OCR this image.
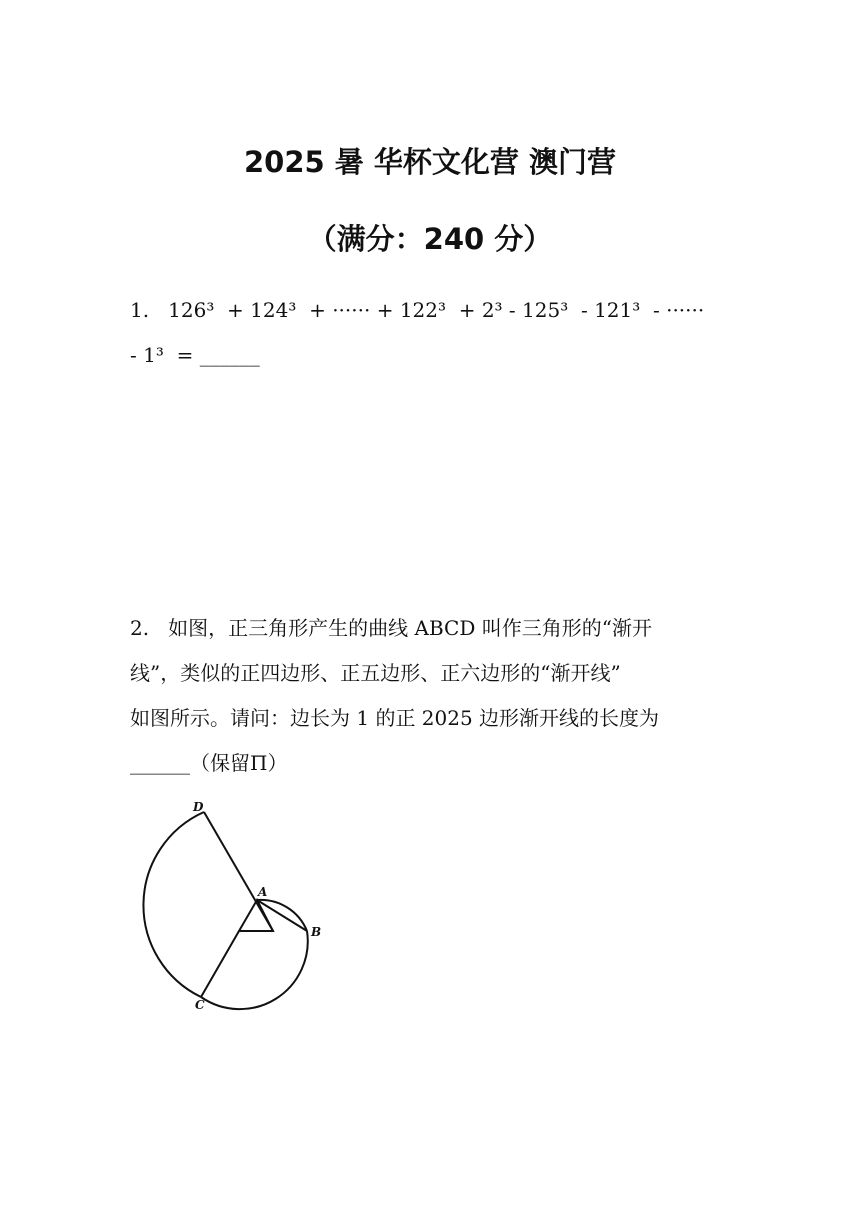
2025 暑 华杯文化营 澳门营
（满分：240 分）

1.   126³  + 124³  + ······ + 122³  + 2³ - 125³  - 121³  - ······

- 1³  = ______

2.   如图，正三角形产生的曲线 ABCD 叫作三角形的“渐开

线”，类似的正四边形、正五边形、正六边形的“渐开线”

如图所示。请问：边长为 1 的正 2025 边形渐开线的长度为

______（保留Π）

D
A
B
C
